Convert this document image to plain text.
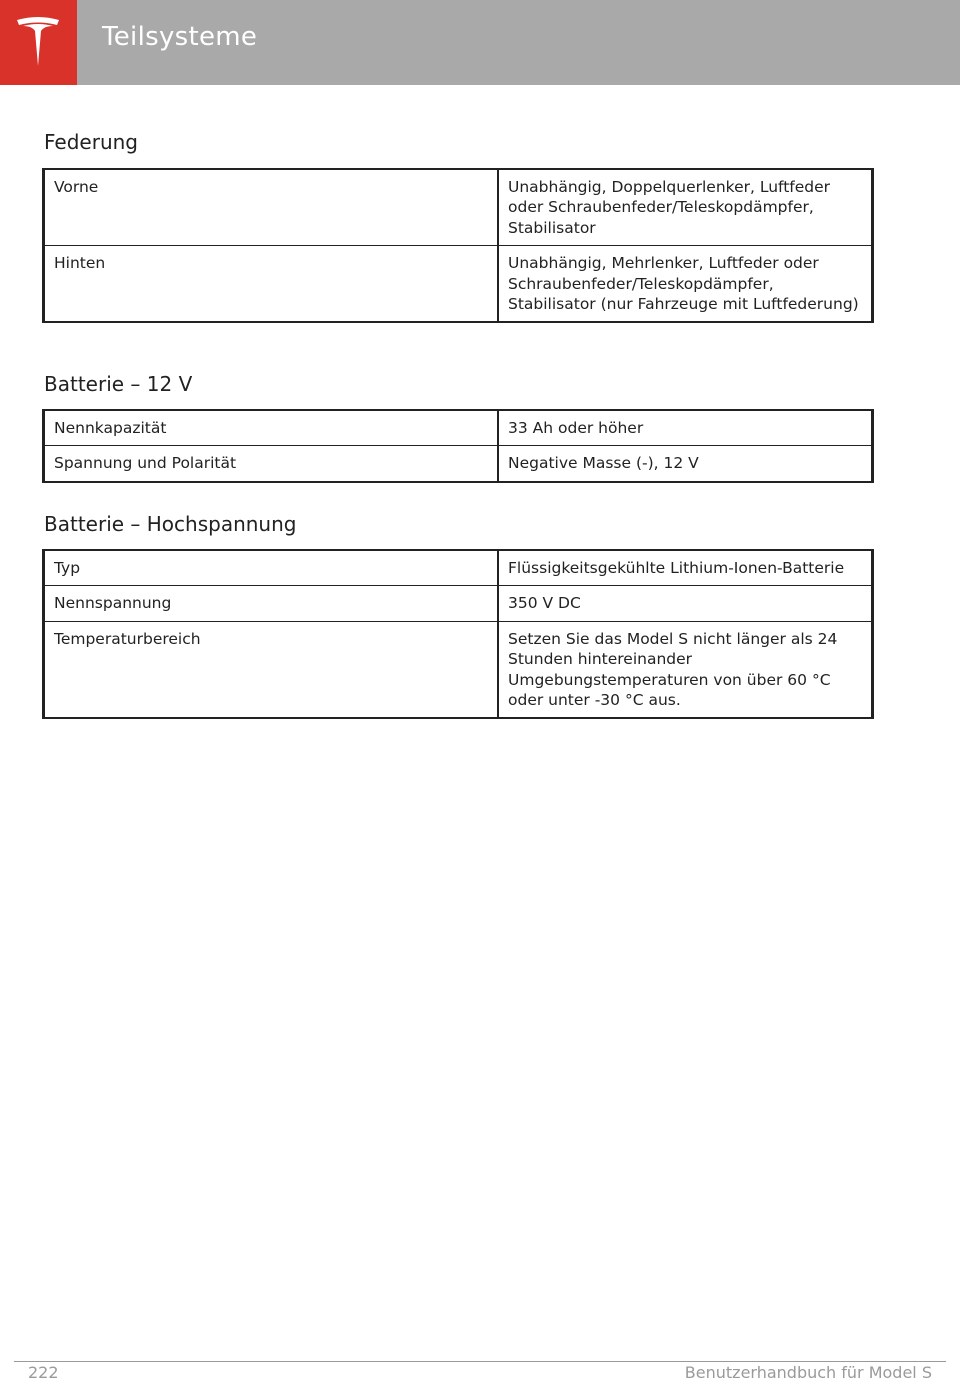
Teilsysteme
Federung
Vorne	Unabhängig, Doppelquerlenker, Luftfeder oder Schraubenfeder/Teleskopdämpfer, Stabilisator
Hinten	Unabhängig, Mehrlenker, Luftfeder oder Schraubenfeder/Teleskopdämpfer, Stabilisator (nur Fahrzeuge mit Luftfederung)
Batterie – 12 V
Nennkapazität	33 Ah oder höher
Spannung und Polarität	Negative Masse (-), 12 V
Batterie – Hochspannung
Typ	Flüssigkeitsgekühlte Lithium-Ionen-Batterie
Nennspannung	350 V DC
Temperaturbereich	Setzen Sie das Model S nicht länger als 24 Stunden hintereinander Umgebungstemperaturen von über 60 °C oder unter -30 °C aus.
222	Benutzerhandbuch für Model S
